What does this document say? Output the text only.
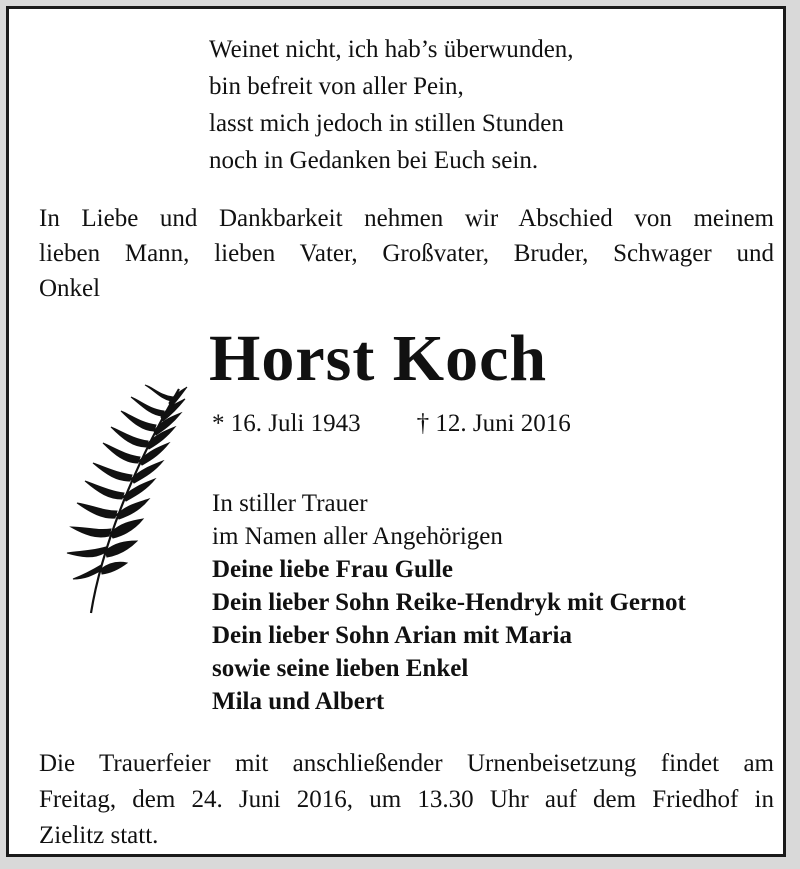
Weinet nicht, ich hab’s überwunden,
bin befreit von aller Pein,
lasst mich jedoch in stillen Stunden
noch in Gedanken bei Euch sein.
In Liebe und Dankbarkeit nehmen wir Abschied von meinem
lieben Mann, lieben Vater, Großvater, Bruder, Schwager und
Onkel
Horst Koch
* 16. Juli 1943 † 12. Juni 2016
In stiller Trauer
im Namen aller Angehörigen
Deine liebe Frau Gulle
Dein lieber Sohn Reike-Hendryk mit Gernot
Dein lieber Sohn Arian mit Maria
sowie seine lieben Enkel
Mila und Albert
Die Trauerfeier mit anschließender Urnenbeisetzung findet am
Freitag, dem 24. Juni 2016, um 13.30 Uhr auf dem Friedhof in
Zielitz statt.
